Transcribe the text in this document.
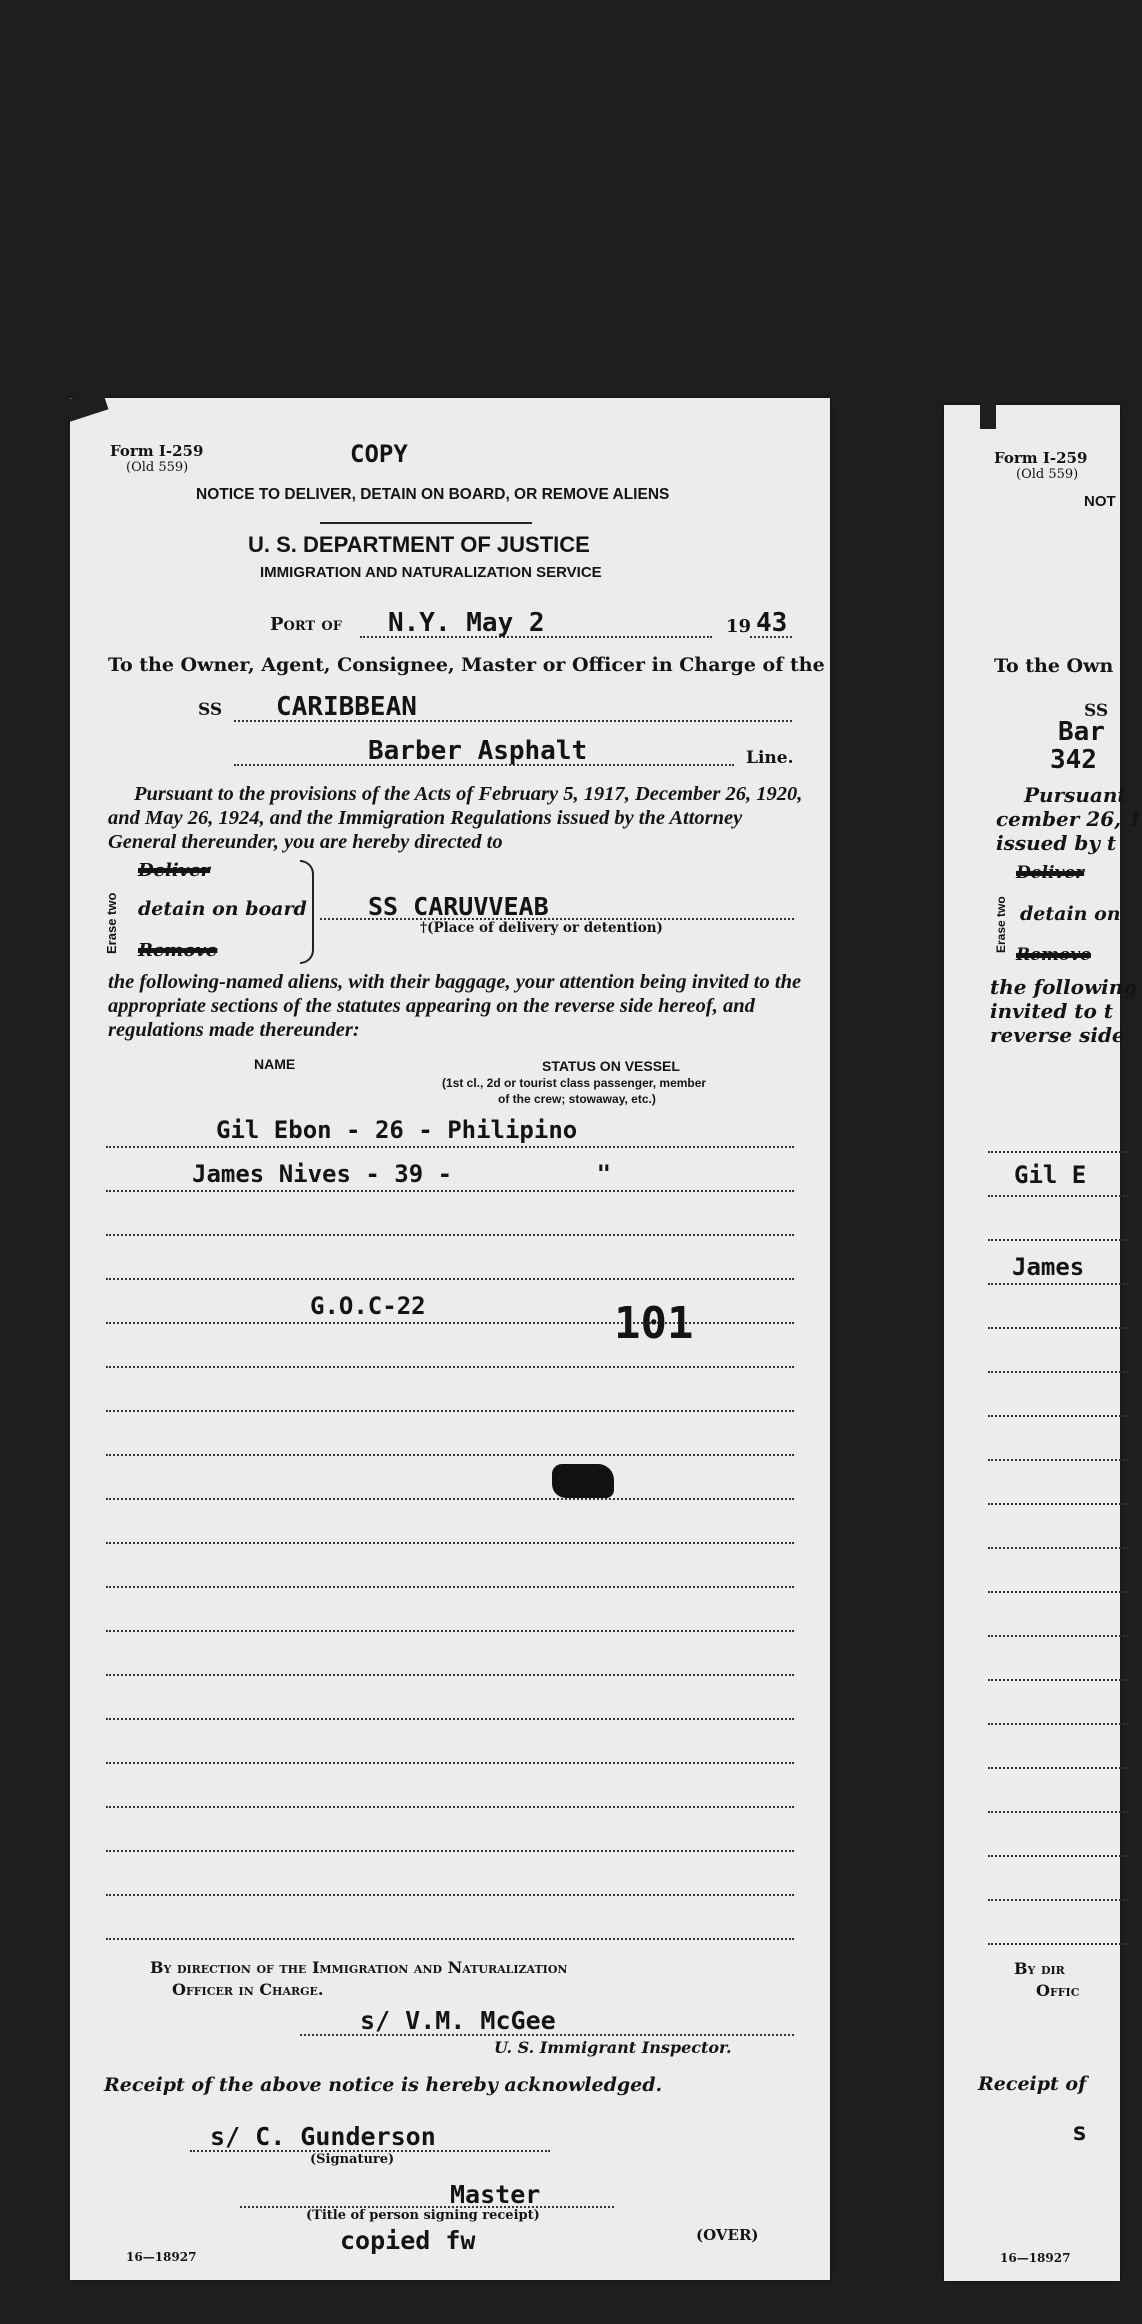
Form I-259
(Old 559)	COPY
NOTICE TO DELIVER, DETAIN ON BOARD, OR REMOVE ALIENS
U. S. DEPARTMENT OF JUSTICE
IMMIGRATION AND NATURALIZATION SERVICE
Port of N.Y. May 2	19 43
To the Owner, Agent, Consignee, Master or Officer in Charge of the
SS CARIBBEAN
Barber Asphalt	Line.
Pursuant to the provisions of the Acts of February 5, 1917, December 26, 1920, and May 26, 1924, and the Immigration Regulations issued by the Attorney General thereunder, you are hereby directed to
Erase two
Deliver
detain on board
Remove
SS CARUVVEAB
†(Place of delivery or detention)
the following-named aliens, with their baggage, your attention being invited to the appropriate sections of the statutes appearing on the reverse side hereof, and regulations made thereunder:
NAME	STATUS ON VESSEL
(1st cl., 2d or tourist class passenger, member
of the crew; stowaway, etc.)
Gil Ebon - 26 - Philipino
James Nives - 39 -          "
G.O.C-22	101
By direction of the Immigration and Naturalization
Officer in Charge.
s/ V.M. McGee
U. S. Immigrant Inspector.
Receipt of the above notice is hereby acknowledged.
s/ C. Gunderson
(Signature)
Master
(Title of person signing receipt)
copied fw
16—18927
(OVER)
Form I-259
(Old 559)
NOT
To the Own
SS
Bar
342
Pursuant
cember 26, 1
issued by t
Erase two
Deliver
detain on
Remove
the following
invited to t
reverse side
Gil E
James
By dir
Offic
Receipt of
s
16—18927
